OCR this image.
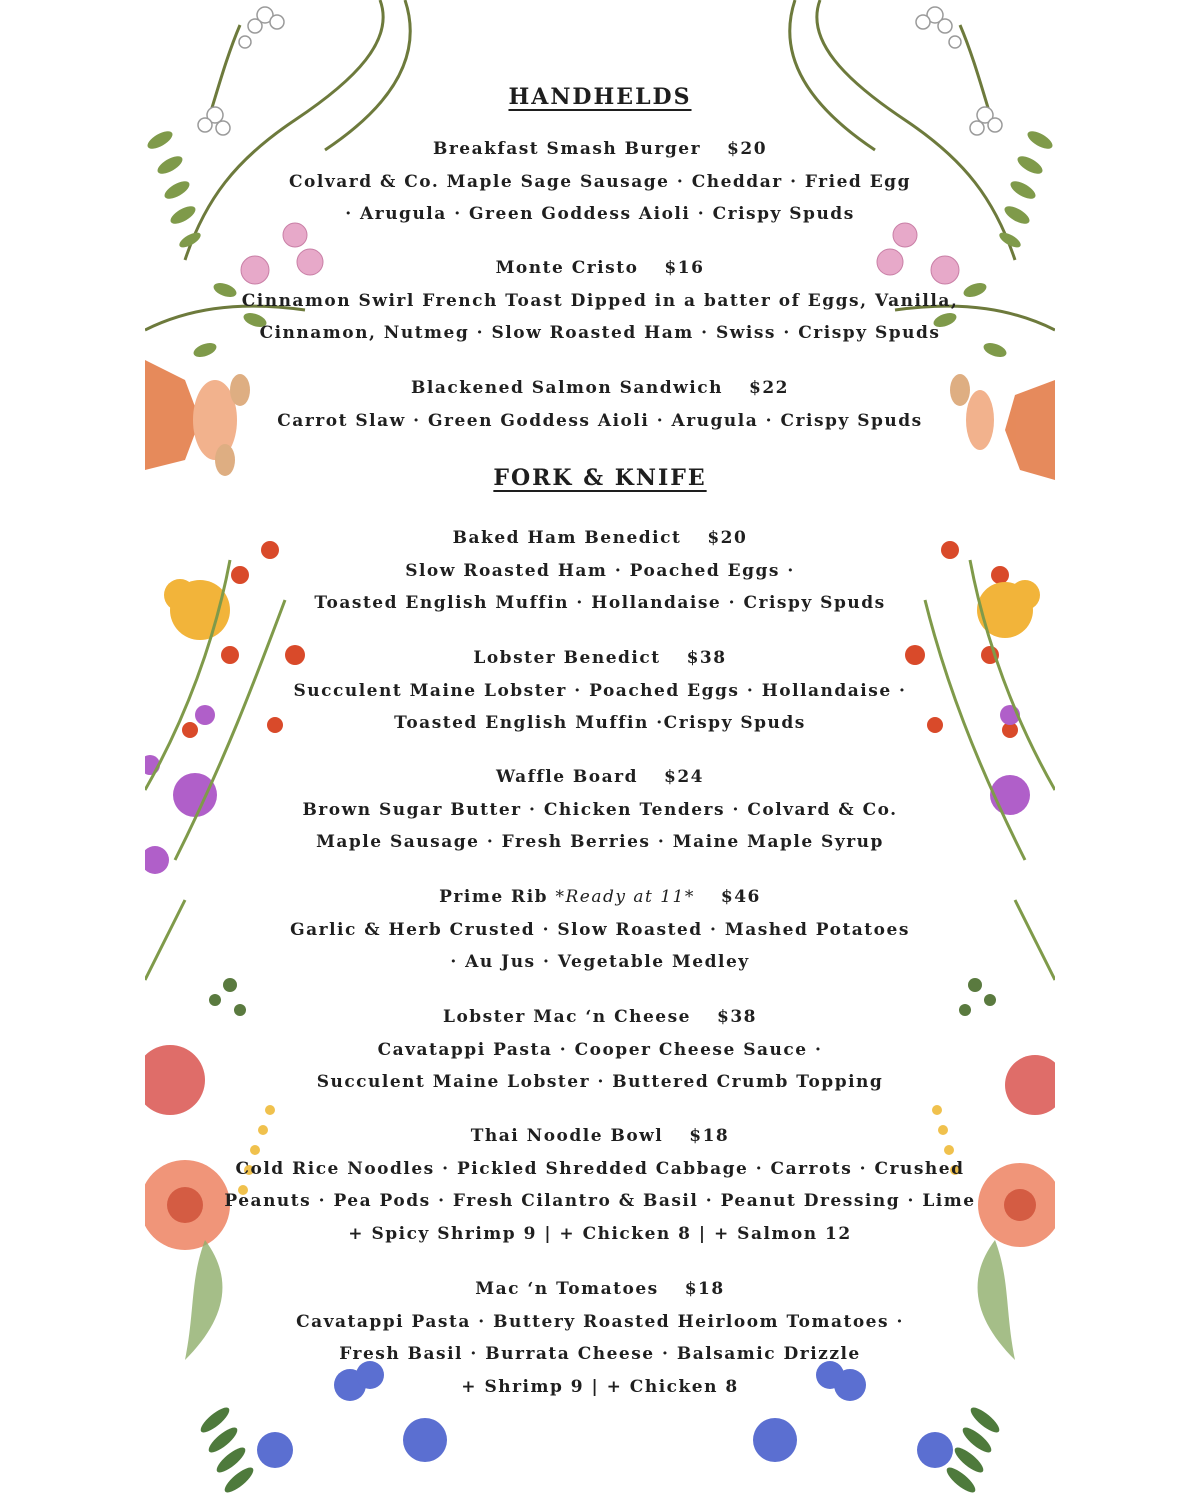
HANDHELDS
Breakfast Smash Burger $20
Colvard & Co. Maple Sage Sausage · Cheddar · Fried Egg
· Arugula · Green Goddess Aioli · Crispy Spuds
Monte Cristo $16
Cinnamon Swirl French Toast Dipped in a batter of Eggs, Vanilla,
Cinnamon, Nutmeg · Slow Roasted Ham · Swiss · Crispy Spuds
Blackened Salmon Sandwich $22
Carrot Slaw · Green Goddess Aioli · Arugula · Crispy Spuds
FORK & KNIFE
Baked Ham Benedict $20
Slow Roasted Ham · Poached Eggs ·
Toasted English Muffin · Hollandaise · Crispy Spuds
Lobster Benedict $38
Succulent Maine Lobster · Poached Eggs · Hollandaise ·
Toasted English Muffin ·Crispy Spuds
Waffle Board $24
Brown Sugar Butter · Chicken Tenders · Colvard & Co.
Maple Sausage · Fresh Berries · Maine Maple Syrup
Prime Rib *Ready at 11* $46
Garlic & Herb Crusted · Slow Roasted · Mashed Potatoes
· Au Jus · Vegetable Medley
Lobster Mac ‘n Cheese $38
Cavatappi Pasta · Cooper Cheese Sauce ·
Succulent Maine Lobster · Buttered Crumb Topping
Thai Noodle Bowl $18
Cold Rice Noodles · Pickled Shredded Cabbage · Carrots · Crushed
Peanuts · Pea Pods · Fresh Cilantro & Basil · Peanut Dressing · Lime
+ Spicy Shrimp 9 | + Chicken 8 | + Salmon 12
Mac ‘n Tomatoes $18
Cavatappi Pasta · Buttery Roasted Heirloom Tomatoes ·
Fresh Basil · Burrata Cheese · Balsamic Drizzle
+ Shrimp 9 | + Chicken 8
